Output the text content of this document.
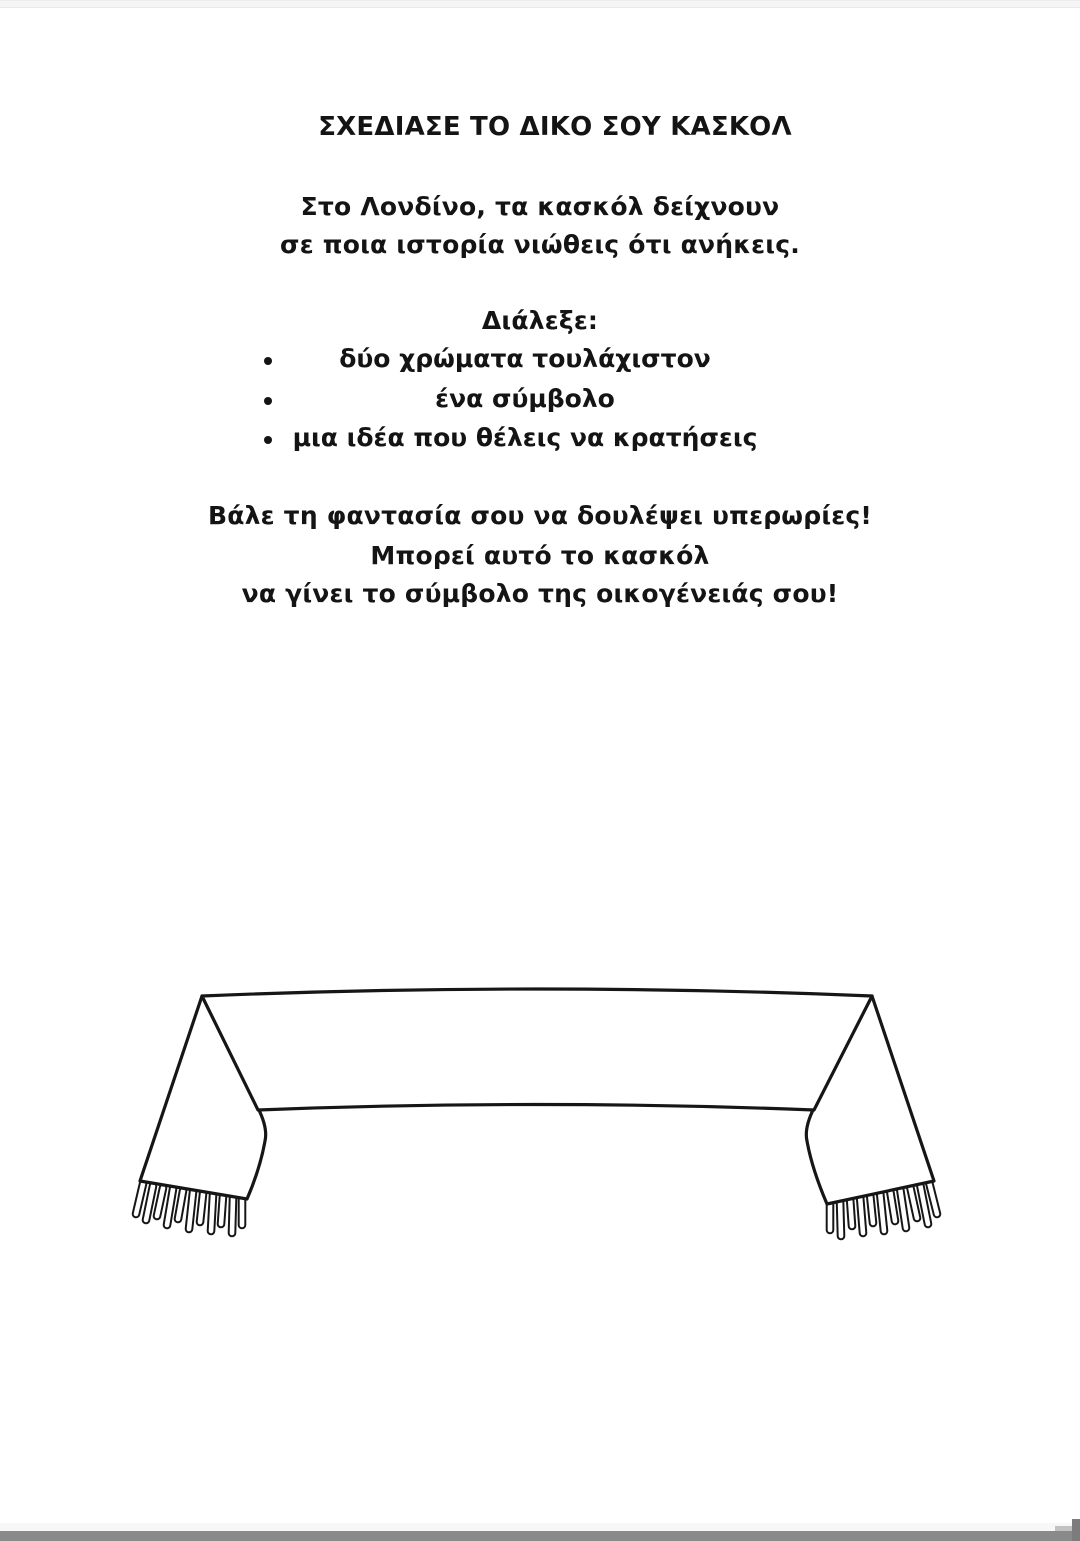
ΣΧΕΔΙΑΣΕ ΤΟ ΔΙΚΟ ΣΟΥ ΚΑΣΚΟΛ
Στο Λονδίνο, τα κασκόλ δείχνουν
σε ποια ιστορία νιώθεις ότι ανήκεις.
Διάλεξε:
δύο χρώματα τουλάχιστον
ένα σύμβολο
μια ιδέα που θέλεις να κρατήσεις
Βάλε τη φαντασία σου να δουλέψει υπερωρίες!
Μπορεί αυτό το κασκόλ
να γίνει το σύμβολο της οικογένειάς σου!
